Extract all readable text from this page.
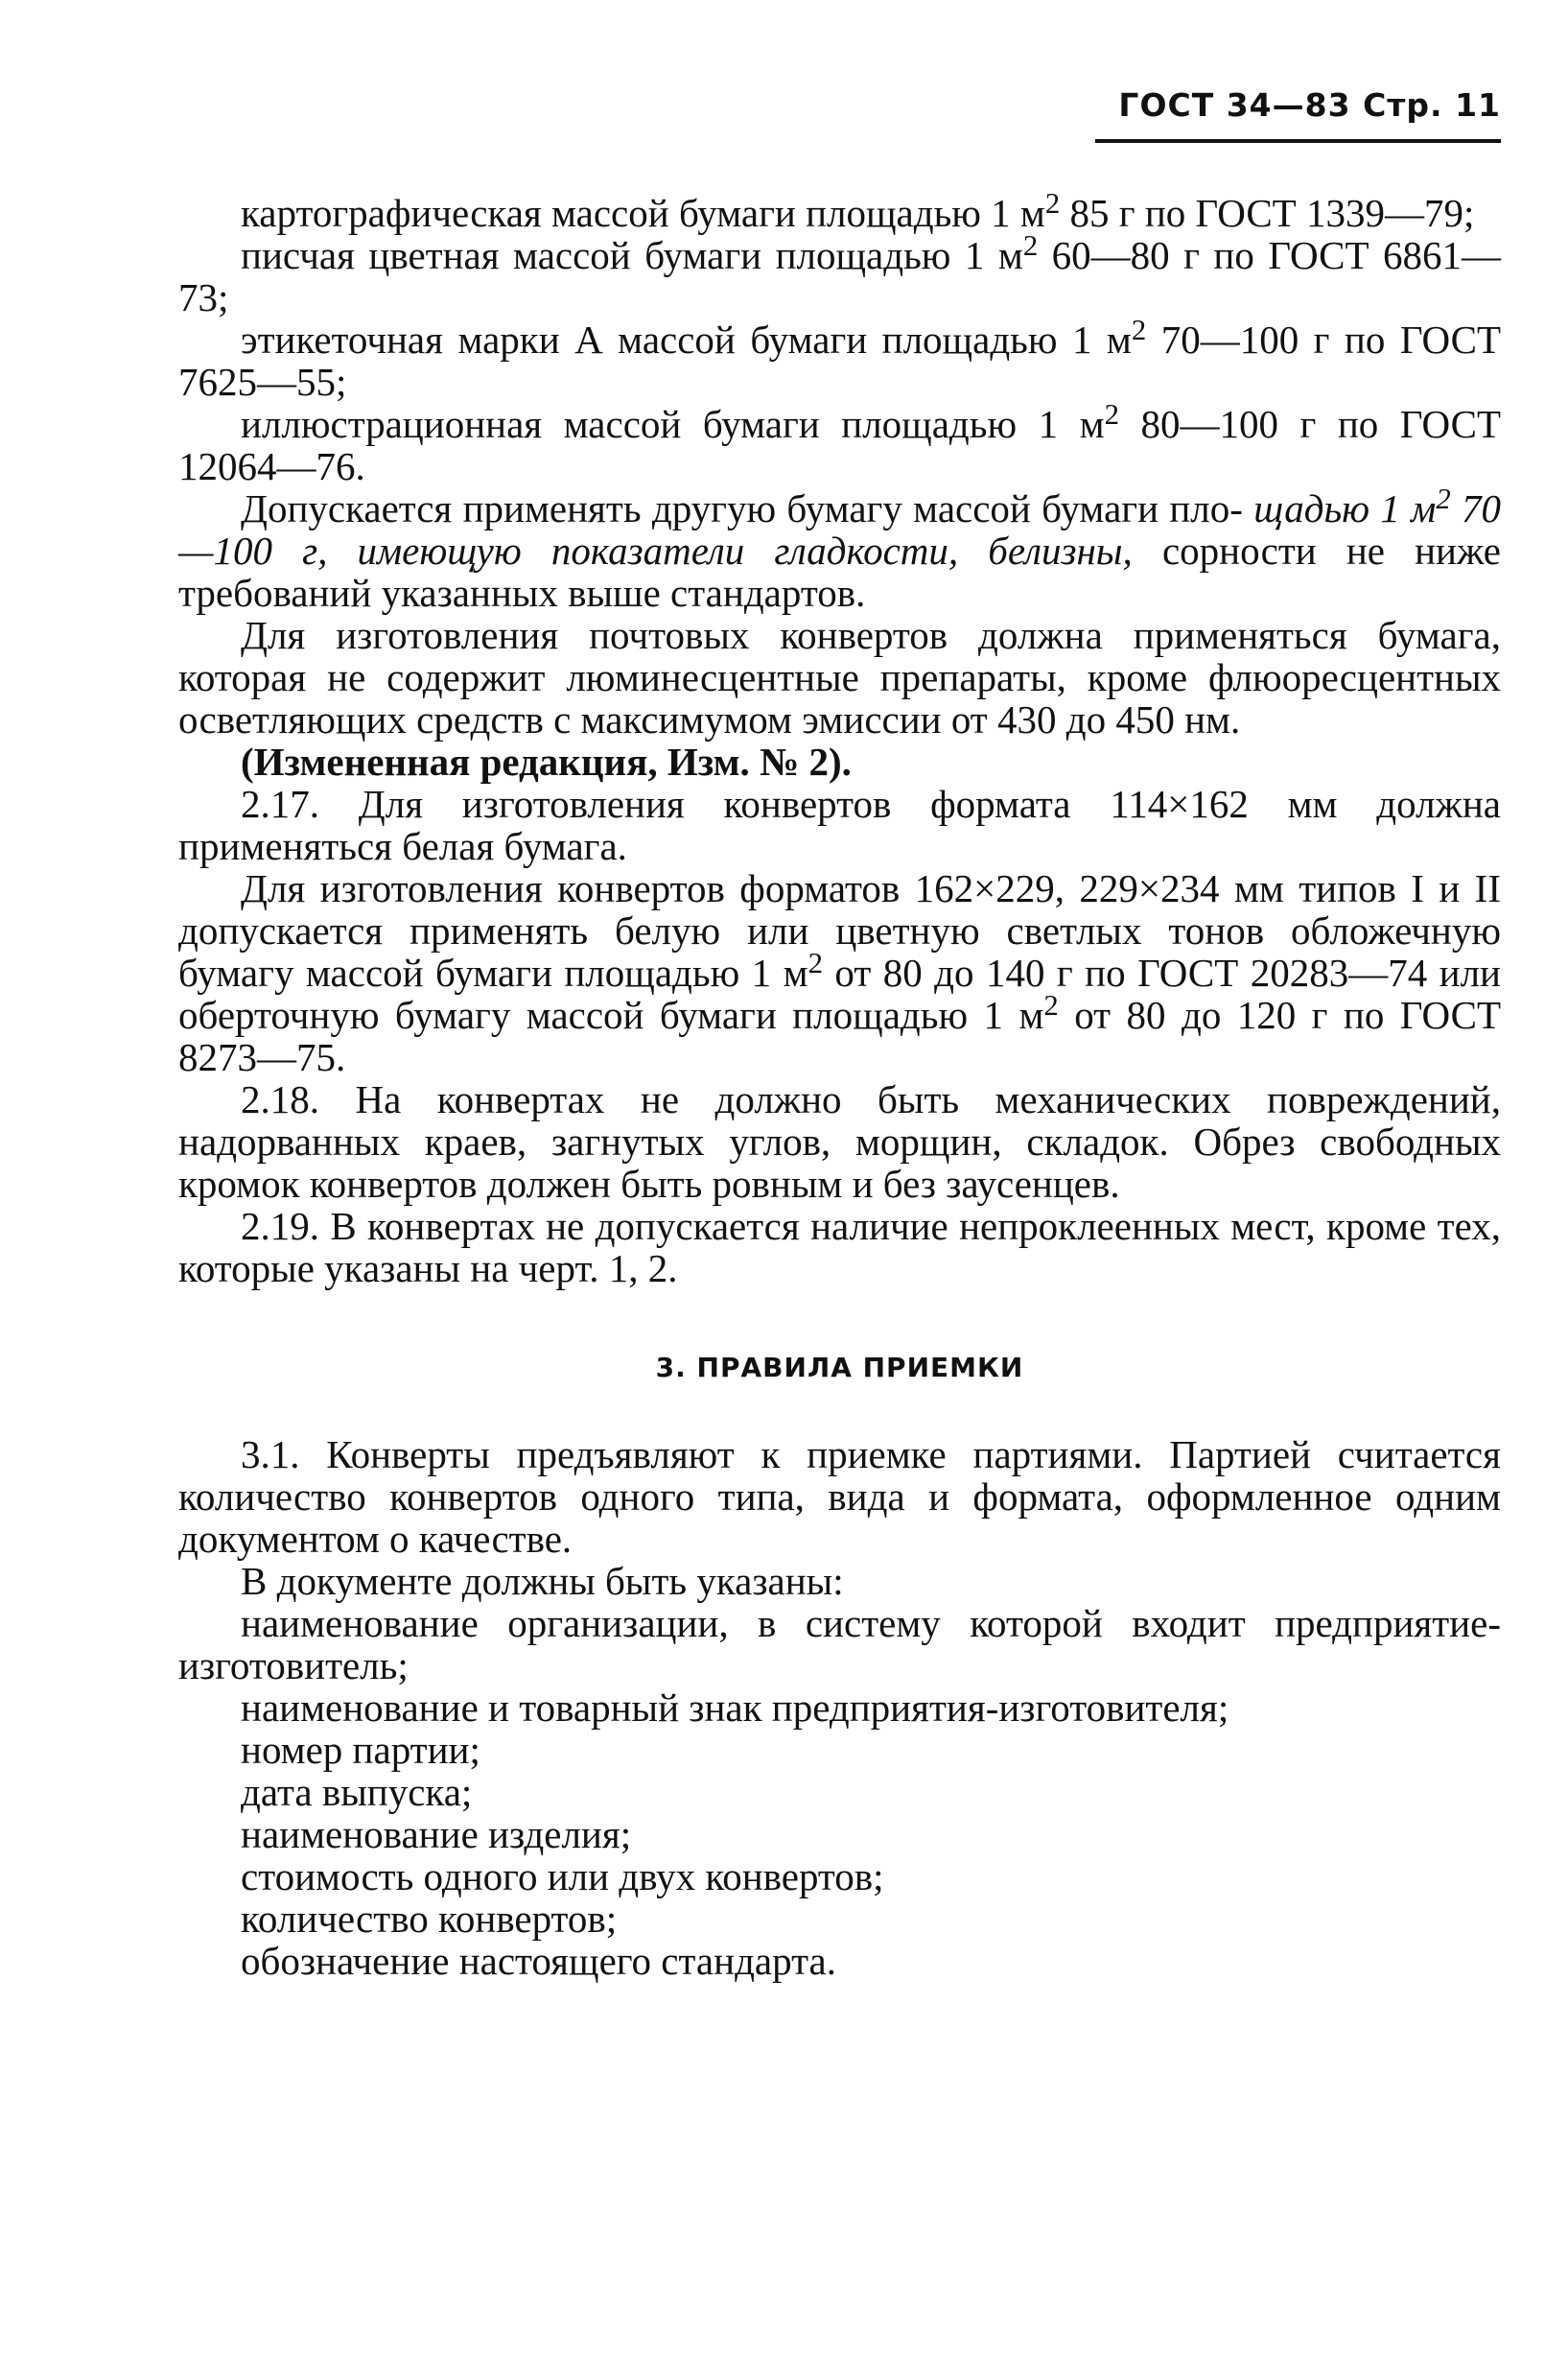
ГОСТ 34—83 Стр. 11

картографическая массой бумаги площадью 1 $м^2$ 85 г по ГОСТ 1339—79;

писчая цветная массой бумаги площадью 1 $м^2$ 60—80 г по ГОСТ 6861—73;

этикеточная марки А массой бумаги площадью 1 $м^2$ 70—100 г по ГОСТ 7625—55;

иллюстрационная массой бумаги площадью 1 $м^2$ 80—100 г по ГОСТ 12064—76.

Допускается применять другую бумагу массой бумаги пло- щадью 1 $м^2$ 70—100 г, имеющую показатели гладкости, белизны, сорности не ниже требований указанных выше стандартов.

Для изготовления почтовых конвертов должна применяться бумага, которая не содержит люминесцентные препараты, кроме флюоресцентных осветляющих средств с максимумом эмиссии от 430 до 450 нм.

(Измененная редакция, Изм. № 2).

2.17. Для изготовления конвертов формата 114×162 мм должна применяться белая бумага.

Для изготовления конвертов форматов 162×229, 229×234 мм типов I и II допускается применять белую или цветную светлых тонов обложечную бумагу массой бумаги площадью 1 $м^2$ от 80 до 140 г по ГОСТ 20283—74 или оберточную бумагу массой бумаги площадью 1 $м^2$ от 80 до 120 г по ГОСТ 8273—75.

2.18. На конвертах не должно быть механических повреждений, надорванных краев, загнутых углов, морщин, складок. Обрез свободных кромок конвертов должен быть ровным и без заусенцев.

2.19. В конвертах не допускается наличие непроклеенных мест, кроме тех, которые указаны на черт. 1, 2.

3. ПРАВИЛА ПРИЕМКИ

3.1. Конверты предъявляют к приемке партиями. Партией считается количество конвертов одного типа, вида и формата, оформленное одним документом о качестве.

В документе должны быть указаны:

наименование организации, в систему которой входит предприятие-изготовитель;

наименование и товарный знак предприятия-изготовителя;

номер партии;

дата выпуска;

наименование изделия;

стоимость одного или двух конвертов;

количество конвертов;

обозначение настоящего стандарта.
